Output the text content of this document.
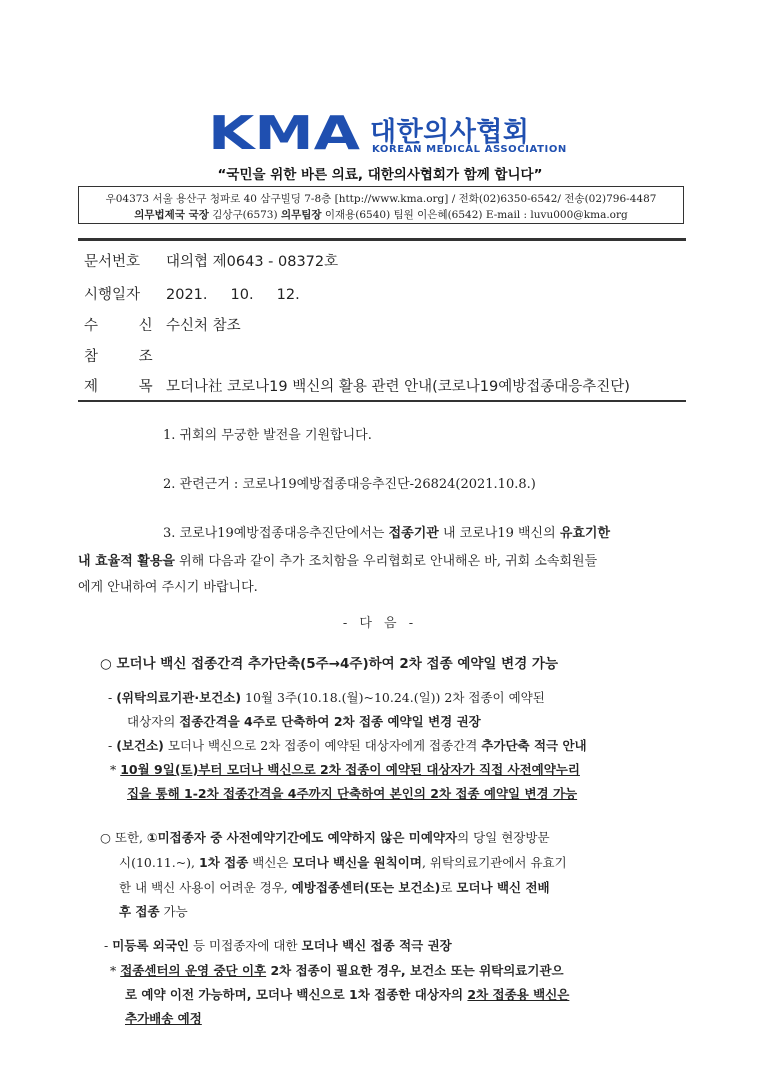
KMA 대한의사협회
KOREAN MEDICAL ASSOCIATION
“국민을 위한 바른 의료, 대한의사협회가 함께 합니다”
우04373 서울 용산구 청파로 40 삼구빌딩 7-8층 [http://www.kma.org] / 전화(02)6350-6542/ 전송(02)796-4487
의무법제국 국장 김상구(6573) 의무팀장 이재용(6540) 팀원 이은혜(6542) E-mail : luvu000@kma.org
문서번호 대의협 제0643 - 08372호
시행일자 2021.     10.     12.
수 신수신처 참조
참 조
제 목모더나社 코로나19 백신의 활용 관련 안내(코로나19예방접종대응추진단)
1. 귀회의 무궁한 발전을 기원합니다.
2. 관련근거 : 코로나19예방접종대응추진단-26824(2021.10.8.)
3. 코로나19예방접종대응추진단에서는 접종기관 내 코로나19 백신의 유효기한
내 효율적 활용을 위해 다음과 같이 추가 조치함을 우리협회로 안내해온 바, 귀회 소속회원들
에게 안내하여 주시기 바랍니다.
- 다 음 -
○ 모더나 백신 접종간격 추가단축(5주→4주)하여 2차 접종 예약일 변경 가능
- (위탁의료기관·보건소) 10월 3주(10.18.(월)~10.24.(일)) 2차 접종이 예약된
대상자의 접종간격을 4주로 단축하여 2차 접종 예약일 변경 권장
- (보건소) 모더나 백신으로 2차 접종이 예약된 대상자에게 접종간격 추가단축 적극 안내
* 10월 9일(토)부터 모더나 백신으로 2차 접종이 예약된 대상자가 직접 사전예약누리
집을 통해 1-2차 접종간격을 4주까지 단축하여 본인의 2차 접종 예약일 변경 가능
○ 또한, ①미접종자 중 사전예약기간에도 예약하지 않은 미예약자의 당일 현장방문
시(10.11.~), 1차 접종 백신은 모더나 백신을 원칙이며, 위탁의료기관에서 유효기
한 내 백신 사용이 어려운 경우, 예방접종센터(또는 보건소)로 모더나 백신 전배
후 접종 가능
- 미등록 외국인 등 미접종자에 대한 모더나 백신 접종 적극 권장
* 접종센터의 운영 중단 이후 2차 접종이 필요한 경우, 보건소 또는 위탁의료기관으
로 예약 이전 가능하며, 모더나 백신으로 1차 접종한 대상자의 2차 접종용 백신은
추가배송 예정
